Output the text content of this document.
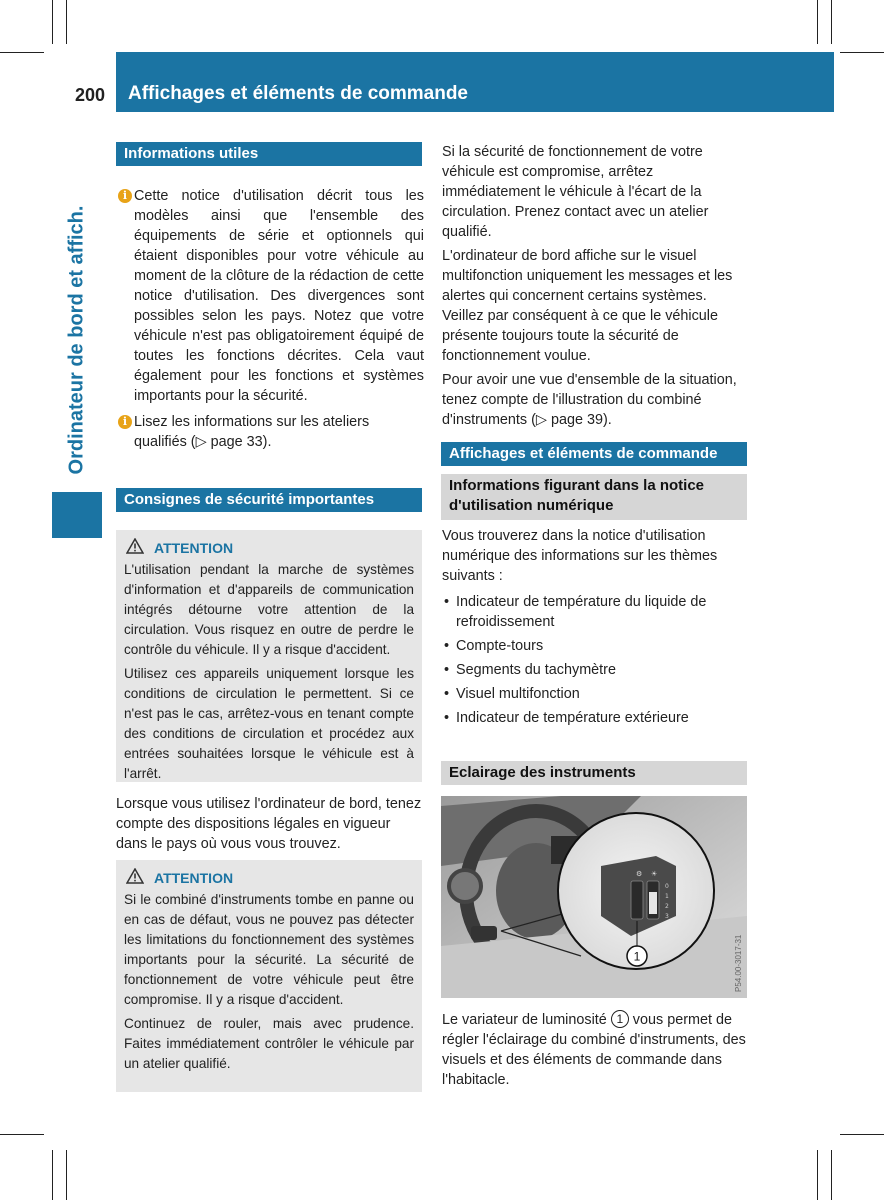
200 Affichages et éléments de commande
Ordinateur de bord et affich.
Informations utiles
i Cette notice d'utilisation décrit tous les modèles ainsi que l'ensemble des équipements de série et optionnels qui étaient disponibles pour votre véhicule au moment de la clôture de la rédaction de cette notice d'utilisation. Des divergences sont possibles selon les pays. Notez que votre véhicule n'est pas obligatoirement équipé de toutes les fonctions décrites. Cela vaut également pour les fonctions et systèmes importants pour la sécurité.
i Lisez les informations sur les ateliers qualifiés (▷ page 33).
Consignes de sécurité importantes
ATTENTION

L'utilisation pendant la marche de systèmes d'information et d'appareils de communication intégrés détourne votre attention de la circulation. Vous risquez en outre de perdre le contrôle du véhicule. Il y a risque d'accident.

Utilisez ces appareils uniquement lorsque les conditions de circulation le permettent. Si ce n'est pas le cas, arrêtez-vous en tenant compte des conditions de circulation et procédez aux entrées souhaitées lorsque le véhicule est à l'arrêt.

Lorsque vous utilisez l'ordinateur de bord, tenez compte des dispositions légales en vigueur dans le pays où vous vous trouvez.
ATTENTION

Si le combiné d'instruments tombe en panne ou en cas de défaut, vous ne pouvez pas détecter les limitations du fonctionnement des systèmes importants pour la sécurité. La sécurité de fonctionnement de votre véhicule peut être compromise. Il y a risque d'accident.

Continuez de rouler, mais avec prudence. Faites immédiatement contrôler le véhicule par un atelier qualifié.

Si la sécurité de fonctionnement de votre véhicule est compromise, arrêtez immédiatement le véhicule à l'écart de la circulation. Prenez contact avec un atelier qualifié.

L'ordinateur de bord affiche sur le visuel multifonction uniquement les messages et les alertes qui concernent certains systèmes. Veillez par conséquent à ce que le véhicule présente toujours toute la sécurité de fonctionnement voulue.

Pour avoir une vue d'ensemble de la situation, tenez compte de l'illustration du combiné d'instruments (▷ page 39).

Affichages et éléments de commande
Informations figurant dans la notice d'utilisation numérique
Vous trouverez dans la notice d'utilisation numérique des informations sur les thèmes suivants :
• Indicateur de température du liquide de refroidissement
• Compte-tours
• Segments du tachymètre
• Visuel multifonction
• Indicateur de température extérieure
Eclairage des instruments
⚙ ☀
0
1
2
3
1	P54.00-3017-31
Le variateur de luminosité 1 vous permet de régler l'éclairage du combiné d'instruments, des visuels et des éléments de commande dans l'habitacle.
